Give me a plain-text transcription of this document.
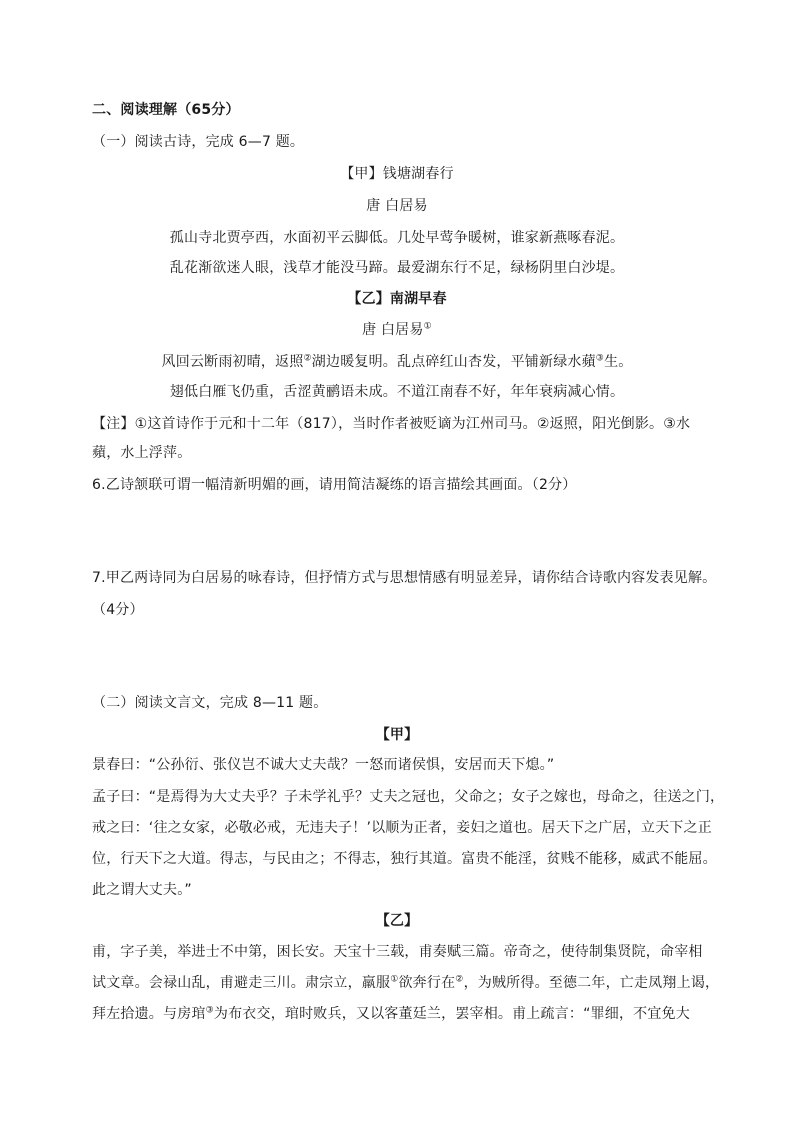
二、阅读理解（65分）
（一）阅读古诗，完成 6—7 题。
【甲】钱塘湖春行
唐 白居易
孤山寺北贾亭西，水面初平云脚低。几处早莺争暖树，谁家新燕啄春泥。
乱花渐欲迷人眼，浅草才能没马蹄。最爱湖东行不足，绿杨阴里白沙堤。
【乙】南湖早春
唐 白居易①
风回云断雨初晴，返照②湖边暖复明。乱点碎红山杏发，平铺新绿水蘋③生。
翅低白雁飞仍重，舌涩黄鹂语未成。不道江南春不好，年年衰病减心情。
【注】①这首诗作于元和十二年（817），当时作者被贬谪为江州司马。②返照，阳光倒影。③水
蘋，水上浮萍。
6.乙诗颔联可谓一幅清新明媚的画，请用简洁凝练的语言描绘其画面。（2分）
7.甲乙两诗同为白居易的咏春诗，但抒情方式与思想情感有明显差异，请你结合诗歌内容发表见解。
（4分）
（二）阅读文言文，完成 8—11 题。
【甲】
景春曰：“公孙衍、张仪岂不诚大丈夫哉？一怒而诸侯惧，安居而天下熄。”
孟子曰：“是焉得为大丈夫乎？子未学礼乎？丈夫之冠也，父命之；女子之嫁也，母命之，往送之门，
戒之曰：‘往之女家，必敬必戒，无违夫子！’以顺为正者，妾妇之道也。居天下之广居，立天下之正
位，行天下之大道。得志，与民由之；不得志，独行其道。富贵不能淫，贫贱不能移，威武不能屈。
此之谓大丈夫。”
【乙】
甫，字子美，举进士不中第，困长安。天宝十三载，甫奏赋三篇。帝奇之，使待制集贤院，命宰相
试文章。会禄山乱，甫避走三川。肃宗立，羸服①欲奔行在②，为贼所得。至德二年，亡走凤翔上谒，
拜左拾遗。与房琯③为布衣交，琯时败兵，又以客董廷兰，罢宰相。甫上疏言：“罪细，不宜免大
